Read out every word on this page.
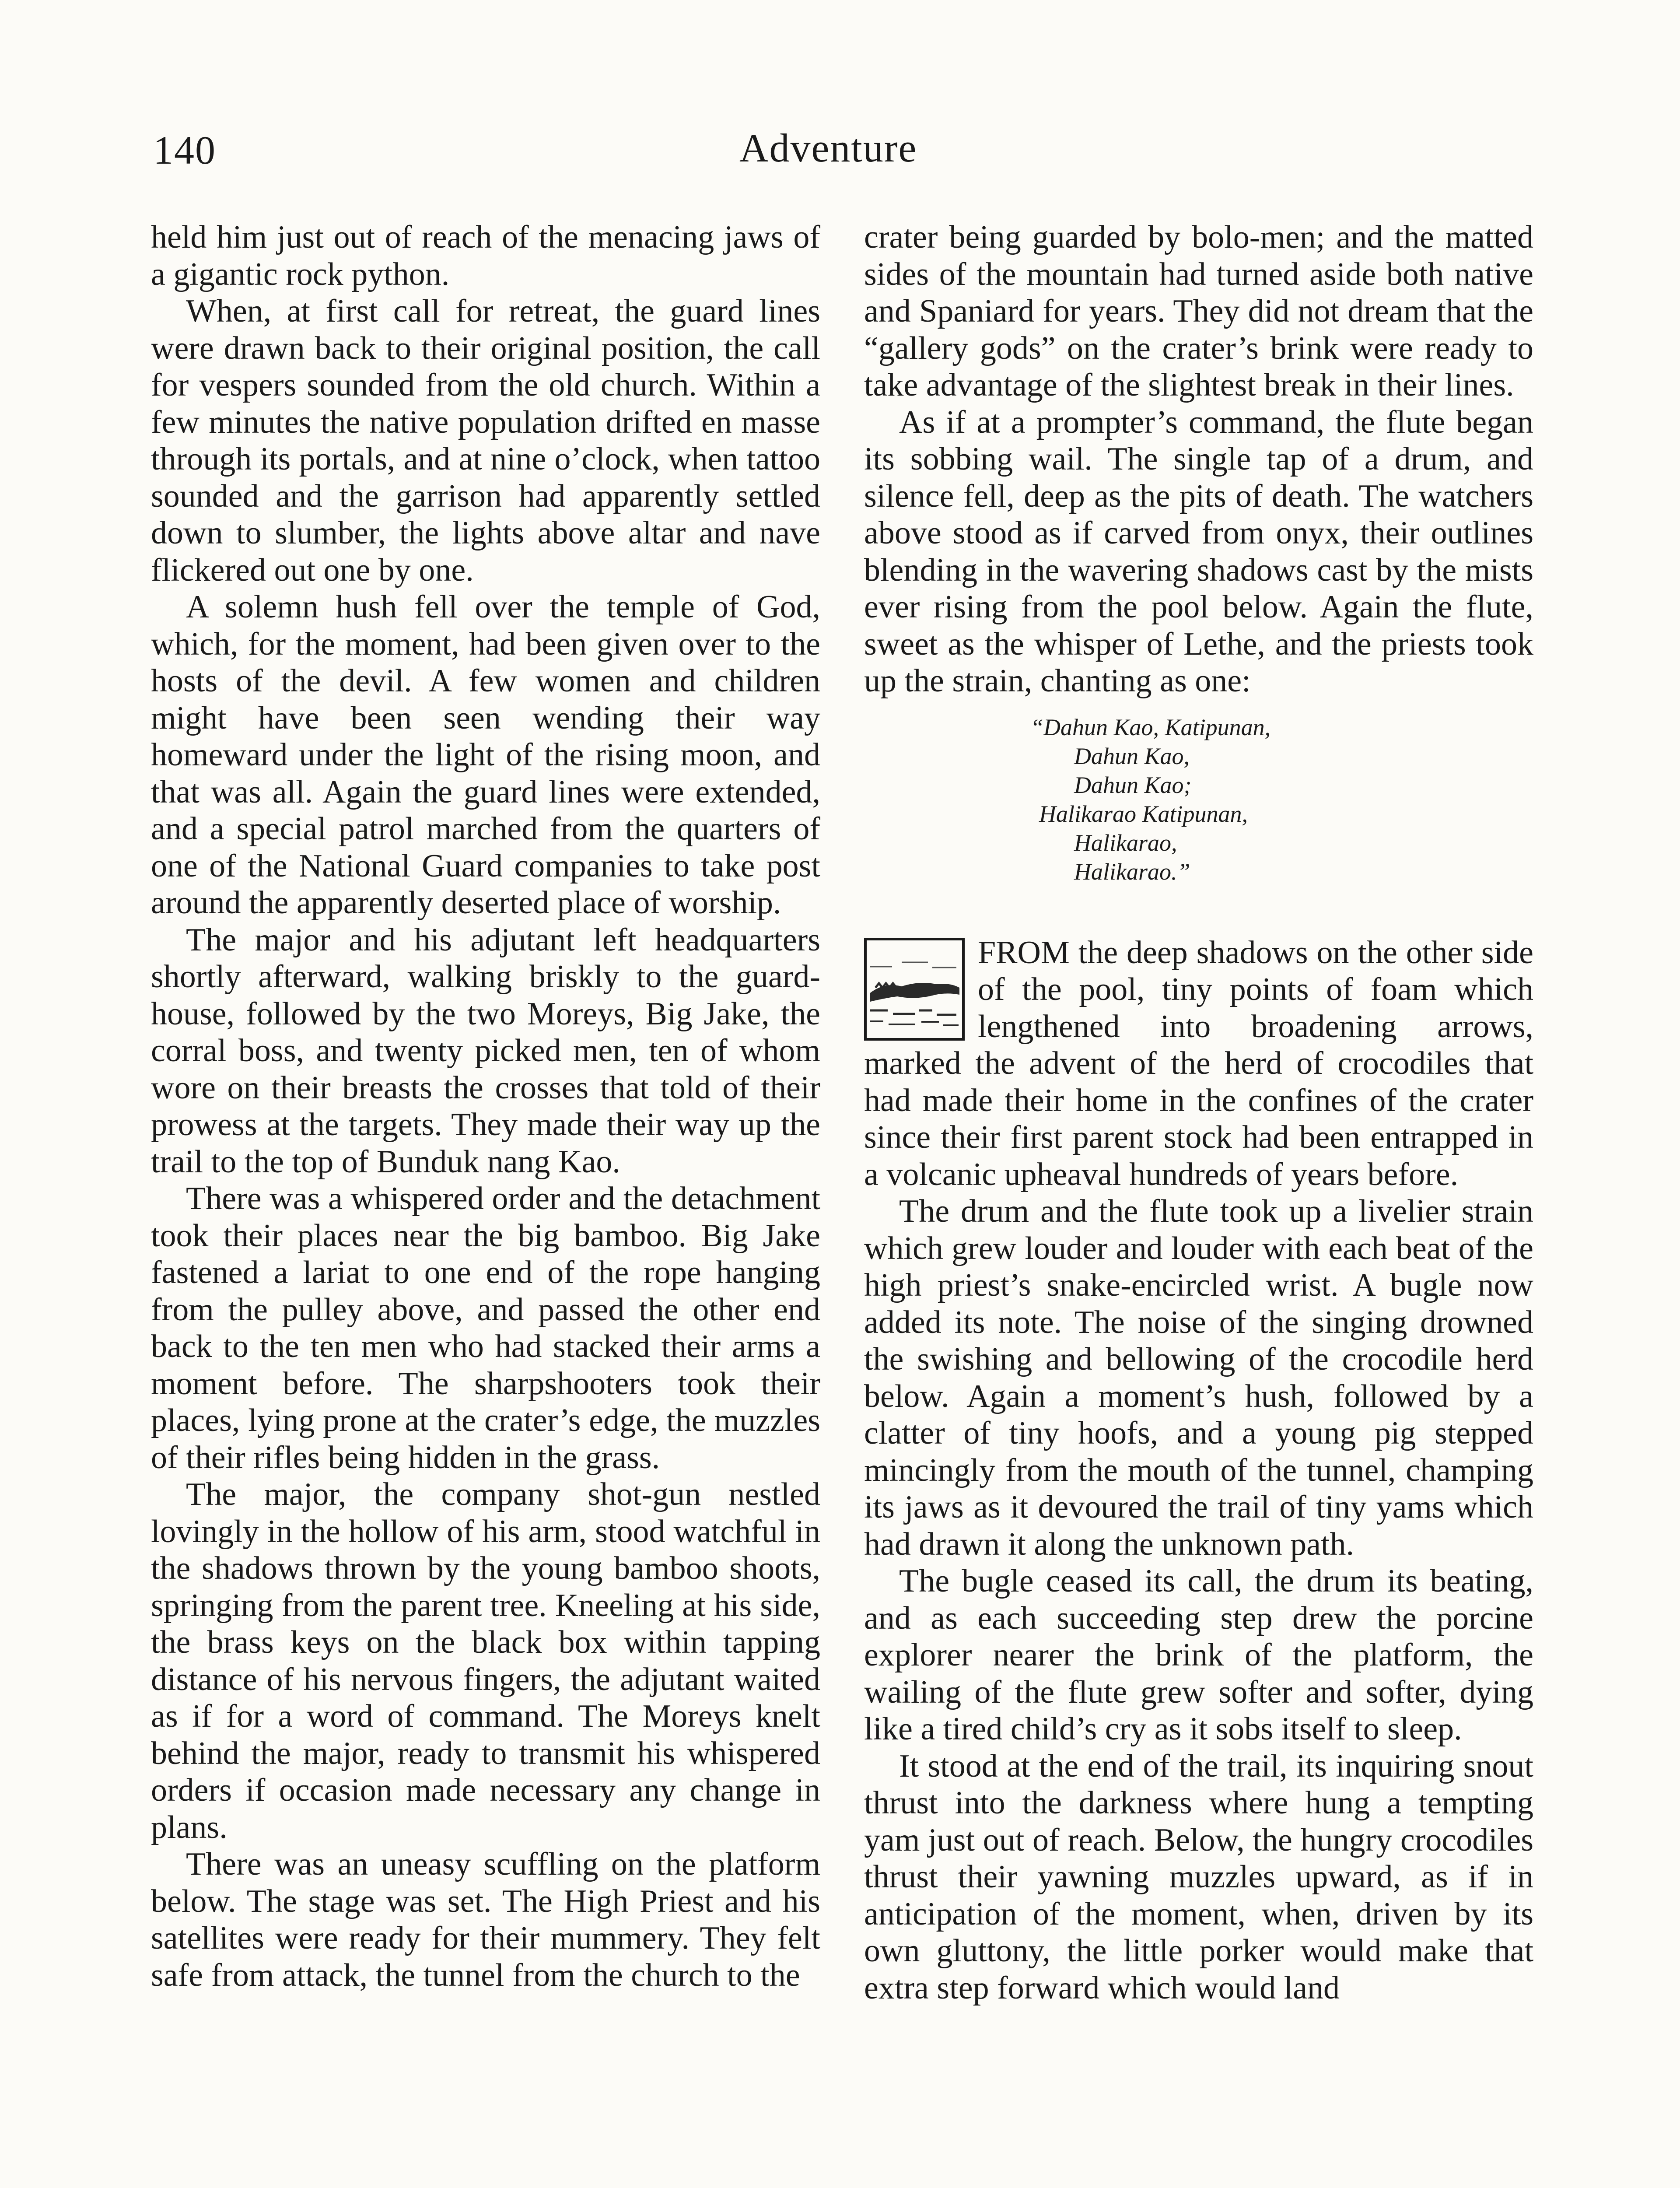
140	Adventure

held him just out of reach of the menacing jaws of a gigantic rock python.

When, at first call for retreat, the guard lines were drawn back to their original position, the call for vespers sounded from the old church. Within a few minutes the native population drifted en masse through its portals, and at nine o’clock, when tattoo sounded and the garrison had apparently settled down to slumber, the lights above altar and nave flickered out one by one.

A solemn hush fell over the temple of God, which, for the moment, had been given over to the hosts of the devil. A few women and children might have been seen wending their way homeward under the light of the rising moon, and that was all. Again the guard lines were extended, and a special patrol marched from the quarters of one of the National Guard companies to take post around the apparently deserted place of worship.

The major and his adjutant left headquarters shortly afterward, walking briskly to the guard-house, followed by the two Moreys, Big Jake, the corral boss, and twenty picked men, ten of whom wore on their breasts the crosses that told of their prowess at the targets. They made their way up the trail to the top of Bunduk nang Kao.

There was a whispered order and the detachment took their places near the big bamboo. Big Jake fastened a lariat to one end of the rope hanging from the pulley above, and passed the other end back to the ten men who had stacked their arms a moment before. The sharpshooters took their places, lying prone at the crater’s edge, the muzzles of their rifles being hidden in the grass.

The major, the company shot-gun nestled lovingly in the hollow of his arm, stood watchful in the shadows thrown by the young bamboo shoots, springing from the parent tree. Kneeling at his side, the brass keys on the black box within tapping distance of his nervous fingers, the adjutant waited as if for a word of command. The Moreys knelt behind the major, ready to transmit his whispered orders if occasion made necessary any change in plans.

There was an uneasy scuffling on the platform below. The stage was set. The High Priest and his satellites were ready for their mummery. They felt safe from attack, the tunnel from the church to the

crater being guarded by bolo-men; and the matted sides of the mountain had turned aside both native and Spaniard for years. They did not dream that the “gallery gods” on the crater’s brink were ready to take advantage of the slightest break in their lines.

As if at a prompter’s command, the flute began its sobbing wail. The single tap of a drum, and silence fell, deep as the pits of death. The watchers above stood as if carved from onyx, their outlines blending in the wavering shadows cast by the mists ever rising from the pool below. Again the flute, sweet as the whisper of Lethe, and the priests took up the strain, chanting as one:

“Dahun Kao, Katipunan,
Dahun Kao,
Dahun Kao;
Halikarao Katipunan,
Halikarao,
Halikarao.”

FROM the deep shadows on the other side of the pool, tiny points of foam which lengthened into broadening arrows, marked the advent of the herd of crocodiles that had made their home in the confines of the crater since their first parent stock had been entrapped in a volcanic upheaval hundreds of years before.

The drum and the flute took up a livelier strain which grew louder and louder with each beat of the high priest’s snake-encircled wrist. A bugle now added its note. The noise of the singing drowned the swishing and bellowing of the crocodile herd below. Again a moment’s hush, followed by a clatter of tiny hoofs, and a young pig stepped mincingly from the mouth of the tunnel, champing its jaws as it devoured the trail of tiny yams which had drawn it along the unknown path.

The bugle ceased its call, the drum its beating, and as each succeeding step drew the porcine explorer nearer the brink of the platform, the wailing of the flute grew softer and softer, dying like a tired child’s cry as it sobs itself to sleep.

It stood at the end of the trail, its inquiring snout thrust into the darkness where hung a tempting yam just out of reach. Below, the hungry crocodiles thrust their yawning muzzles upward, as if in anticipation of the moment, when, driven by its own gluttony, the little porker would make that extra step forward which would land
